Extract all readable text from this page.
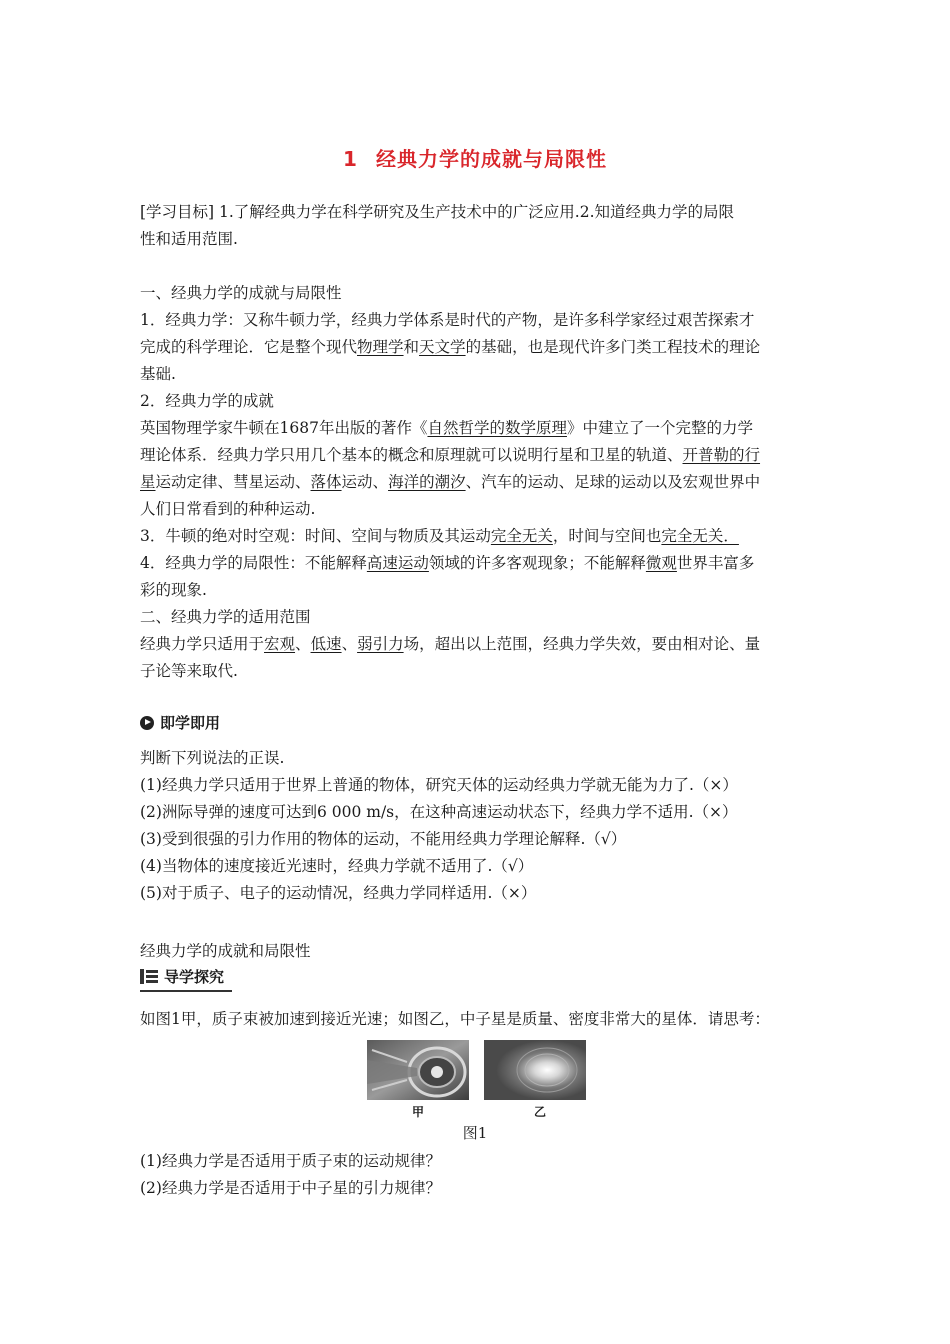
1 经典力学的成就与局限性
[学习目标] 1.了解经典力学在科学研究及生产技术中的广泛应用.2.知道经典力学的局限
性和适用范围.
一、经典力学的成就与局限性
1．经典力学：又称牛顿力学，经典力学体系是时代的产物，是许多科学家经过艰苦探索才
完成的科学理论．它是整个现代物理学和天文学的基础，也是现代许多门类工程技术的理论
基础.
2．经典力学的成就
英国物理学家牛顿在1687年出版的著作《自然哲学的数学原理》中建立了一个完整的力学
理论体系．经典力学只用几个基本的概念和原理就可以说明行星和卫星的轨道、开普勒的行
星运动定律、彗星运动、落体运动、海洋的潮汐、汽车的运动、足球的运动以及宏观世界中
人们日常看到的种种运动.
3．牛顿的绝对时空观：时间、空间与物质及其运动完全无关，时间与空间也完全无关．
4．经典力学的局限性：不能解释高速运动领域的许多客观现象；不能解释微观世界丰富多
彩的现象.
二、经典力学的适用范围
经典力学只适用于宏观、低速、弱引力场，超出以上范围，经典力学失效，要由相对论、量
子论等来取代.
即学即用
判断下列说法的正误.
(1)经典力学只适用于世界上普通的物体，研究天体的运动经典力学就无能为力了.（×）
(2)洲际导弹的速度可达到6 000 m/s，在这种高速运动状态下，经典力学不适用.（×）
(3)受到很强的引力作用的物体的运动，不能用经典力学理论解释.（√）
(4)当物体的速度接近光速时，经典力学就不适用了.（√）
(5)对于质子、电子的运动情况，经典力学同样适用.（×）
经典力学的成就和局限性
导学探究
如图1甲，质子束被加速到接近光速；如图乙，中子星是质量、密度非常大的星体．请思考：
甲	乙
图1
(1)经典力学是否适用于质子束的运动规律？
(2)经典力学是否适用于中子星的引力规律？
